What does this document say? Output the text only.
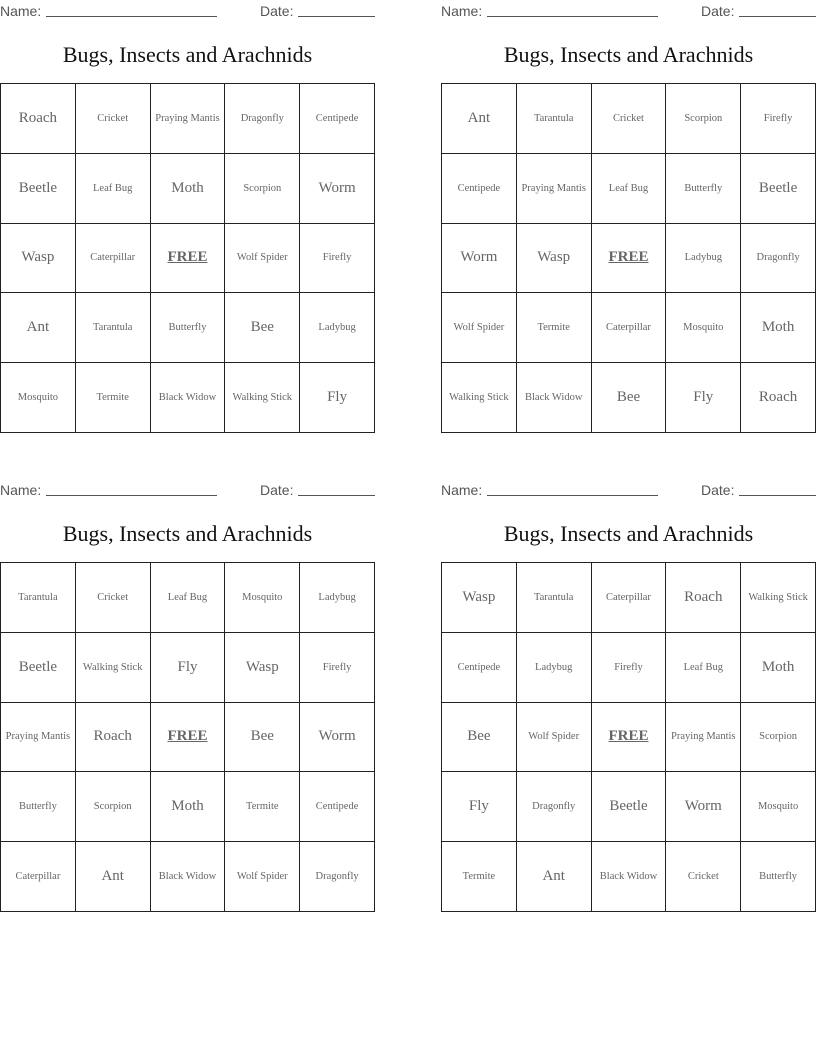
Name:	Date:
Bugs, Insects and Arachnids
Roach	Cricket	Praying Mantis	Dragonfly	Centipede
Beetle	Leaf Bug	Moth	Scorpion	Worm
Wasp	Caterpillar	FREE	Wolf Spider	Firefly
Ant	Tarantula	Butterfly	Bee	Ladybug
Mosquito	Termite	Black Widow	Walking Stick	Fly
Name:	Date:
Bugs, Insects and Arachnids
Ant	Tarantula	Cricket	Scorpion	Firefly
Centipede	Praying Mantis	Leaf Bug	Butterfly	Beetle
Worm	Wasp	FREE	Ladybug	Dragonfly
Wolf Spider	Termite	Caterpillar	Mosquito	Moth
Walking Stick	Black Widow	Bee	Fly	Roach
Name:	Date:
Bugs, Insects and Arachnids
Tarantula	Cricket	Leaf Bug	Mosquito	Ladybug
Beetle	Walking Stick	Fly	Wasp	Firefly
Praying Mantis	Roach	FREE	Bee	Worm
Butterfly	Scorpion	Moth	Termite	Centipede
Caterpillar	Ant	Black Widow	Wolf Spider	Dragonfly
Name:	Date:
Bugs, Insects and Arachnids
Wasp	Tarantula	Caterpillar	Roach	Walking Stick
Centipede	Ladybug	Firefly	Leaf Bug	Moth
Bee	Wolf Spider	FREE	Praying Mantis	Scorpion
Fly	Dragonfly	Beetle	Worm	Mosquito
Termite	Ant	Black Widow	Cricket	Butterfly
